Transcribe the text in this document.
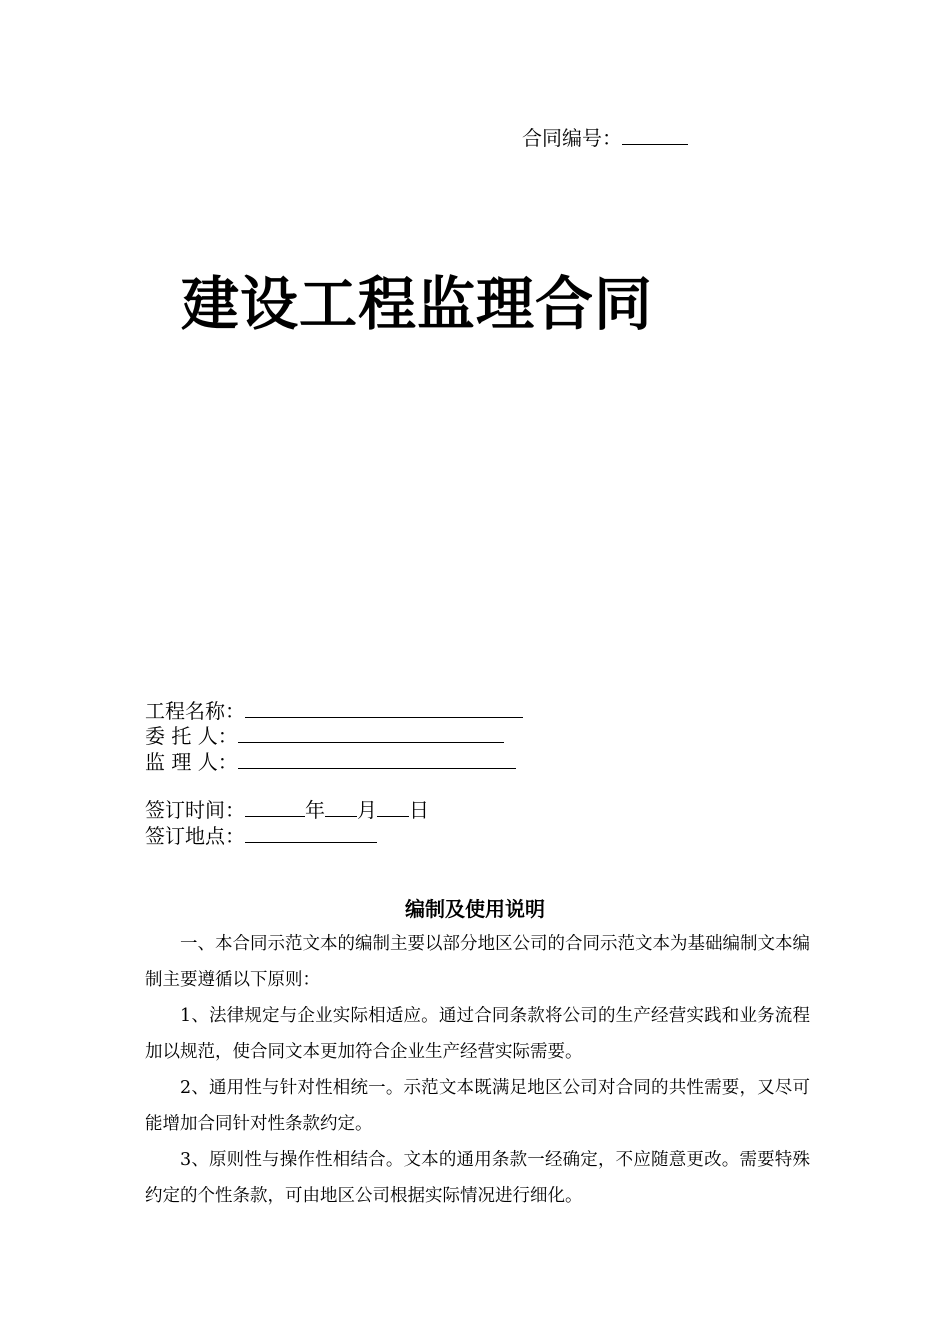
合同编号：
建设工程监理合同
工程名称：
委 托 人：
监 理 人：
签订时间：	年 月 日
签订地点：
编制及使用说明
一、本合同示范文本的编制主要以部分地区公司的合同示范文本为基础编制文本编制主要遵循以下原则：
1、法律规定与企业实际相适应。通过合同条款将公司的生产经营实践和业务流程加以规范，使合同文本更加符合企业生产经营实际需要。
2、通用性与针对性相统一。示范文本既满足地区公司对合同的共性需要，又尽可能增加合同针对性条款约定。
3、原则性与操作性相结合。文本的通用条款一经确定，不应随意更改。需要特殊约定的个性条款，可由地区公司根据实际情况进行细化。
